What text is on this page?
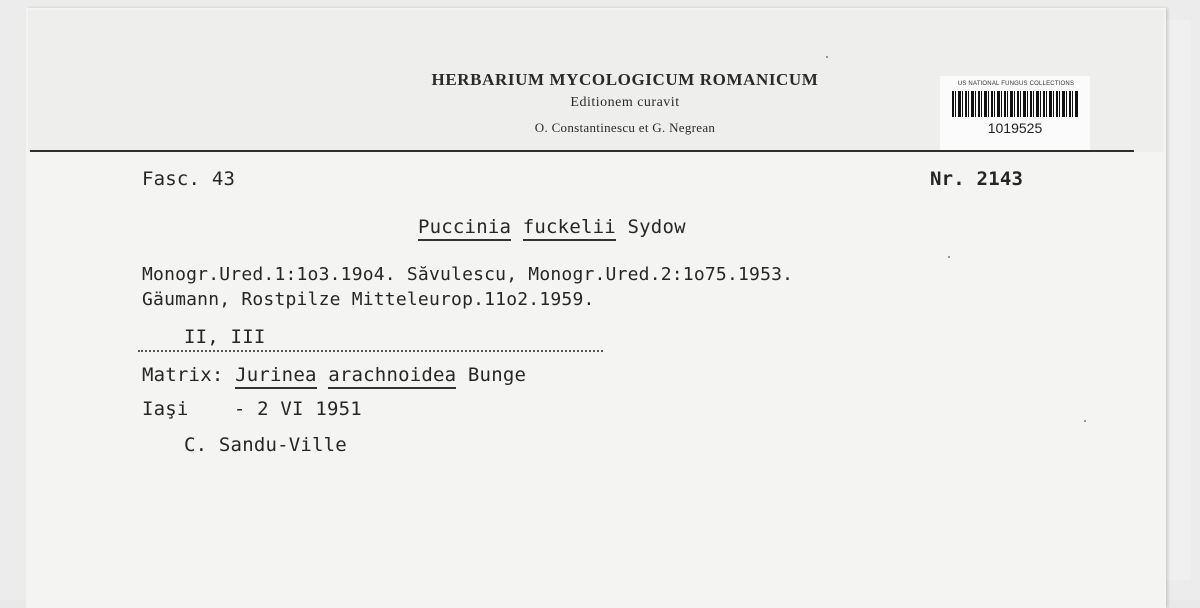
HERBARIUM MYCOLOGICUM ROMANICUM
Editionem curavit
O. Constantinescu et G. Negrean
US NATIONAL FUNGUS COLLECTIONS
1019525
Fasc. 43	Nr. 2143
Puccinia fuckelii Sydow
Monogr.Ured.1:1o3.19o4. Săvulescu, Monogr.Ured.2:1o75.1953.
Gäumann, Rostpilze Mitteleurop.11o2.1959.
II, III
Matrix: Jurinea arachnoidea Bunge
Iaşi - 2 VI 1951
C. Sandu-Ville
